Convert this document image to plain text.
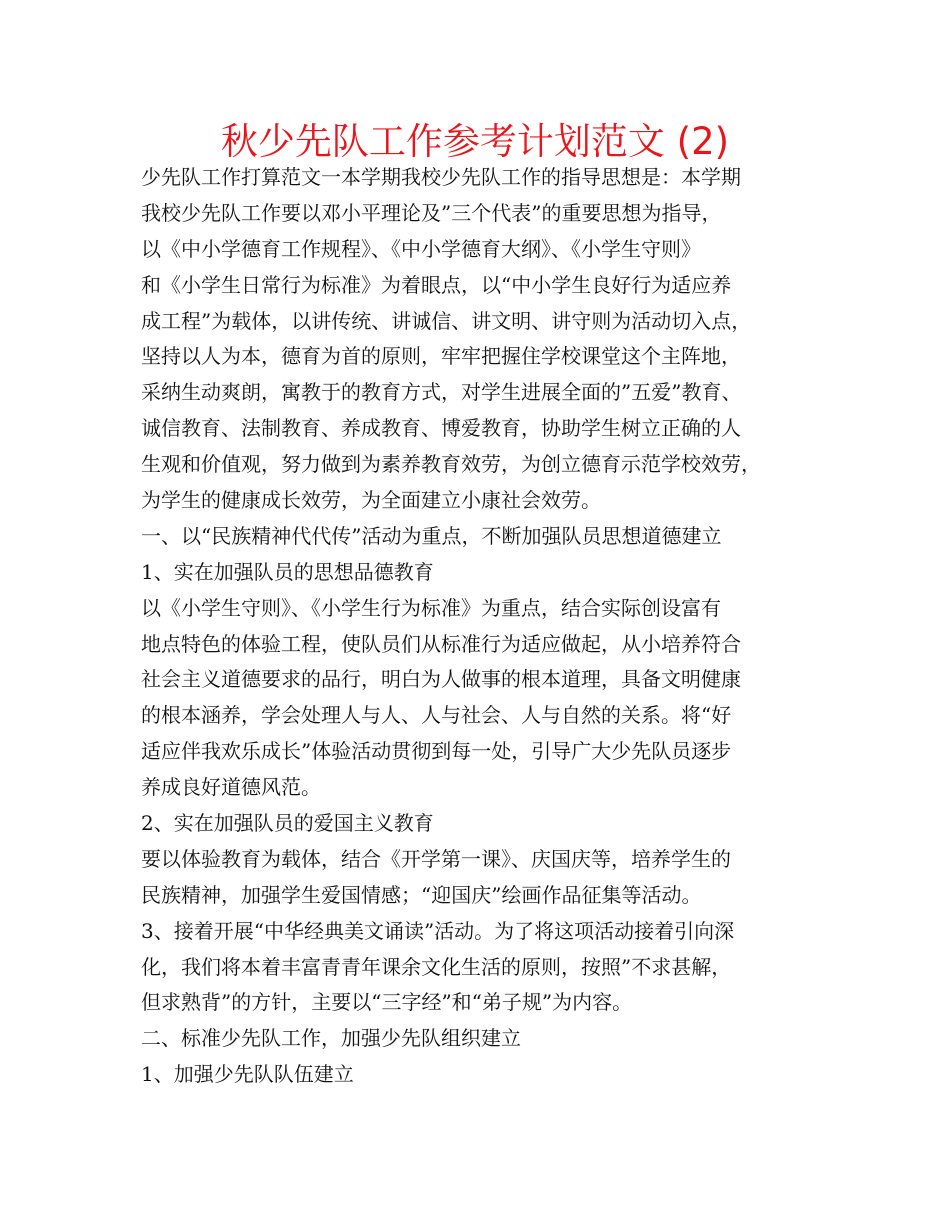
秋少先队工作参考计划范文 (2)
少先队工作打算范文一本学期我校少先队工作的指导思想是：本学期
我校少先队工作要以邓小平理论及”三个代表”的重要思想为指导，
以《中小学德育工作规程》、《中小学德育大纲》、《小学生守则》
和《小学生日常行为标准》为着眼点，以“中小学生良好行为适应养
成工程”为载体，以讲传统、讲诚信、讲文明、讲守则为活动切入点，
坚持以人为本，德育为首的原则，牢牢把握住学校课堂这个主阵地，
采纳生动爽朗，寓教于的教育方式，对学生进展全面的”五爱”教育、
诚信教育、法制教育、养成教育、博爱教育，协助学生树立正确的人
生观和价值观，努力做到为素养教育效劳，为创立德育示范学校效劳，
为学生的健康成长效劳，为全面建立小康社会效劳。
一、以“民族精神代代传”活动为重点，不断加强队员思想道德建立
1、实在加强队员的思想品德教育
以《小学生守则》、《小学生行为标准》为重点，结合实际创设富有
地点特色的体验工程，使队员们从标准行为适应做起，从小培养符合
社会主义道德要求的品行，明白为人做事的根本道理，具备文明健康
的根本涵养，学会处理人与人、人与社会、人与自然的关系。将“好
适应伴我欢乐成长”体验活动贯彻到每一处，引导广大少先队员逐步
养成良好道德风范。
2、实在加强队员的爱国主义教育
要以体验教育为载体，结合《开学第一课》、庆国庆等，培养学生的
民族精神，加强学生爱国情感；“迎国庆”绘画作品征集等活动。
3、接着开展“中华经典美文诵读”活动。为了将这项活动接着引向深
化，我们将本着丰富青青年课余文化生活的原则，按照”不求甚解，
但求熟背”的方针，主要以“三字经”和“弟子规”为内容。
二、标准少先队工作，加强少先队组织建立
1、加强少先队队伍建立
